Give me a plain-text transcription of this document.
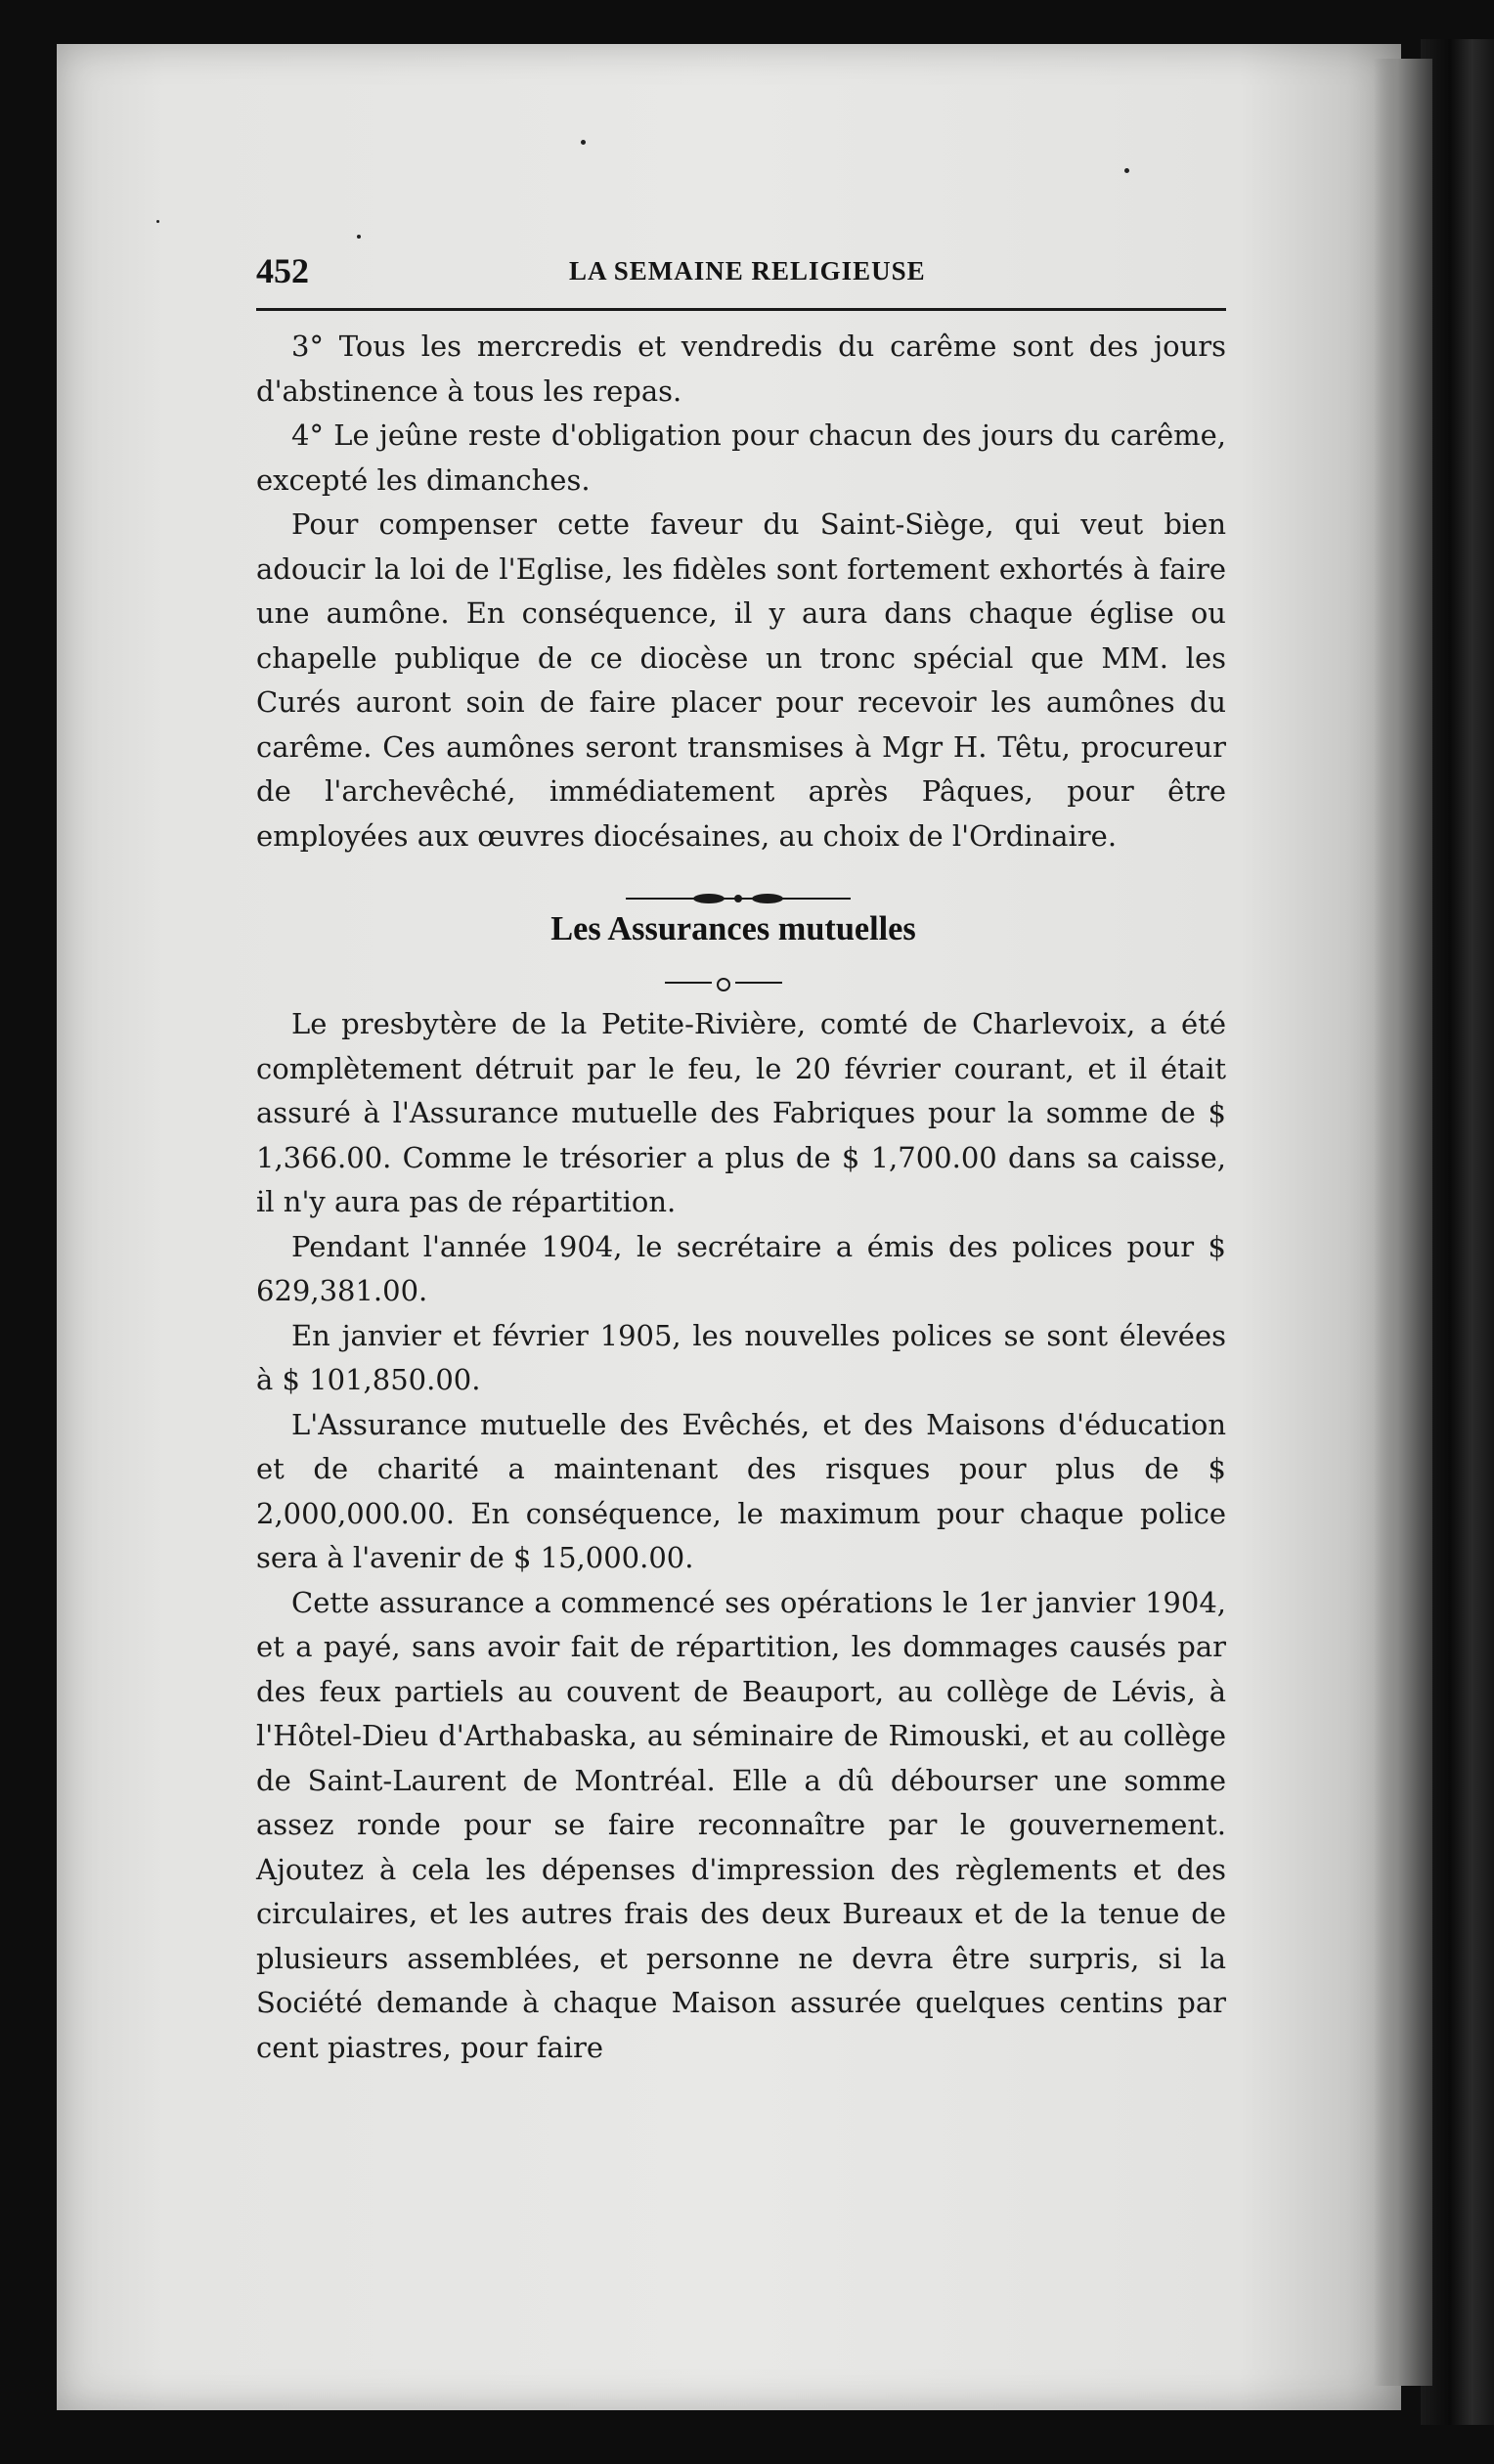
452	LA SEMAINE RELIGIEUSE

3° Tous les mercredis et vendredis du carême sont des jours d'abstinence à tous les repas.

4° Le jeûne reste d'obligation pour chacun des jours du carême, excepté les dimanches.

Pour compenser cette faveur du Saint-Siège, qui veut bien adoucir la loi de l'Eglise, les fidèles sont fortement exhortés à faire une aumône. En conséquence, il y aura dans chaque église ou chapelle publique de ce diocèse un tronc spécial que MM. les Curés auront soin de faire placer pour recevoir les aumônes du carême. Ces aumônes seront transmises à Mgr H. Têtu, procureur de l'archevêché, immédiatement après Pâques, pour être employées aux œuvres diocésaines, au choix de l'Ordinaire.

Les Assurances mutuelles

Le presbytère de la Petite-Rivière, comté de Charlevoix, a été complètement détruit par le feu, le 20 février courant, et il était assuré à l'Assurance mutuelle des Fabriques pour la somme de $ 1,366.00. Comme le trésorier a plus de $ 1,700.00 dans sa caisse, il n'y aura pas de répartition.

Pendant l'année 1904, le secrétaire a émis des polices pour $ 629,381.00.

En janvier et février 1905, les nouvelles polices se sont élevées à $ 101,850.00.

L'Assurance mutuelle des Evêchés, et des Maisons d'éducation et de charité a maintenant des risques pour plus de $ 2,000,000.00. En conséquence, le maximum pour chaque police sera à l'avenir de $ 15,000.00.

Cette assurance a commencé ses opérations le 1er janvier 1904, et a payé, sans avoir fait de répartition, les dommages causés par des feux partiels au couvent de Beauport, au collège de Lévis, à l'Hôtel-Dieu d'Arthabaska, au séminaire de Rimouski, et au collège de Saint-Laurent de Montréal. Elle a dû débourser une somme assez ronde pour se faire reconnaître par le gouvernement. Ajoutez à cela les dépenses d'impression des règlements et des circulaires, et les autres frais des deux Bureaux et de la tenue de plusieurs assemblées, et personne ne devra être surpris, si la Société demande à chaque Maison assurée quelques centins par cent piastres, pour faire
